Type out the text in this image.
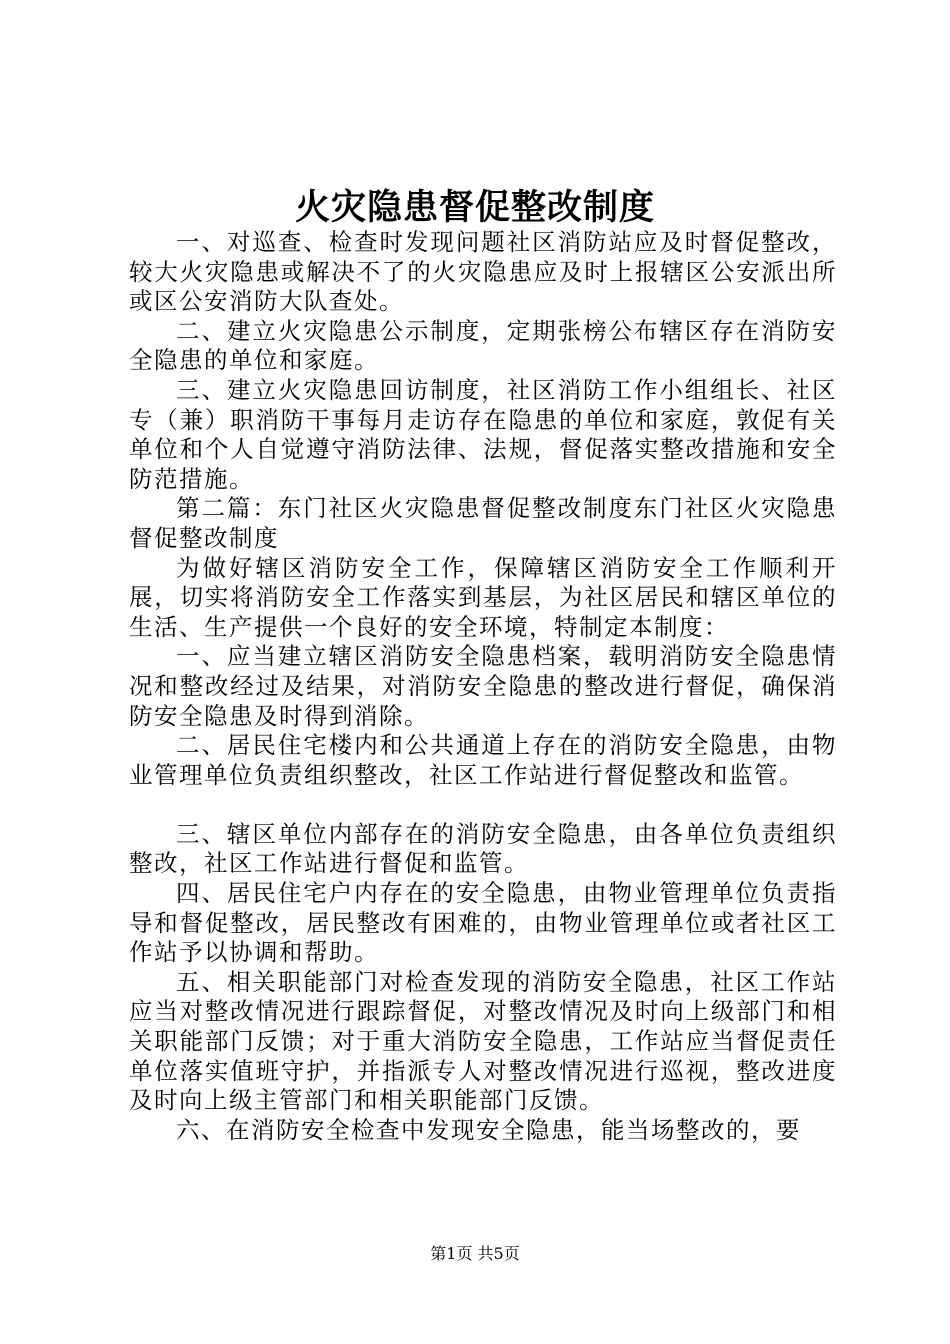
火灾隐患督促整改制度

一、对巡查、检查时发现问题社区消防站应及时督促整改，较大火灾隐患或解决不了的火灾隐患应及时上报辖区公安派出所或区公安消防大队查处。

二、建立火灾隐患公示制度，定期张榜公布辖区存在消防安全隐患的单位和家庭。

三、建立火灾隐患回访制度，社区消防工作小组组长、社区专（兼）职消防干事每月走访存在隐患的单位和家庭，敦促有关单位和个人自觉遵守消防法律、法规，督促落实整改措施和安全防范措施。

第二篇：东门社区火灾隐患督促整改制度东门社区火灾隐患督促整改制度

为做好辖区消防安全工作，保障辖区消防安全工作顺利开展，切实将消防安全工作落实到基层，为社区居民和辖区单位的生活、生产提供一个良好的安全环境，特制定本制度：

一、应当建立辖区消防安全隐患档案，载明消防安全隐患情况和整改经过及结果，对消防安全隐患的整改进行督促，确保消防安全隐患及时得到消除。

二、居民住宅楼内和公共通道上存在的消防安全隐患，由物业管理单位负责组织整改，社区工作站进行督促整改和监管。

三、辖区单位内部存在的消防安全隐患，由各单位负责组织整改，社区工作站进行督促和监管。

四、居民住宅户内存在的安全隐患，由物业管理单位负责指导和督促整改，居民整改有困难的，由物业管理单位或者社区工作站予以协调和帮助。

五、相关职能部门对检查发现的消防安全隐患，社区工作站应当对整改情况进行跟踪督促，对整改情况及时向上级部门和相关职能部门反馈；对于重大消防安全隐患，工作站应当督促责任单位落实值班守护，并指派专人对整改情况进行巡视，整改进度及时向上级主管部门和相关职能部门反馈。

六、在消防安全检查中发现安全隐患，能当场整改的，要

第1页 共5页
